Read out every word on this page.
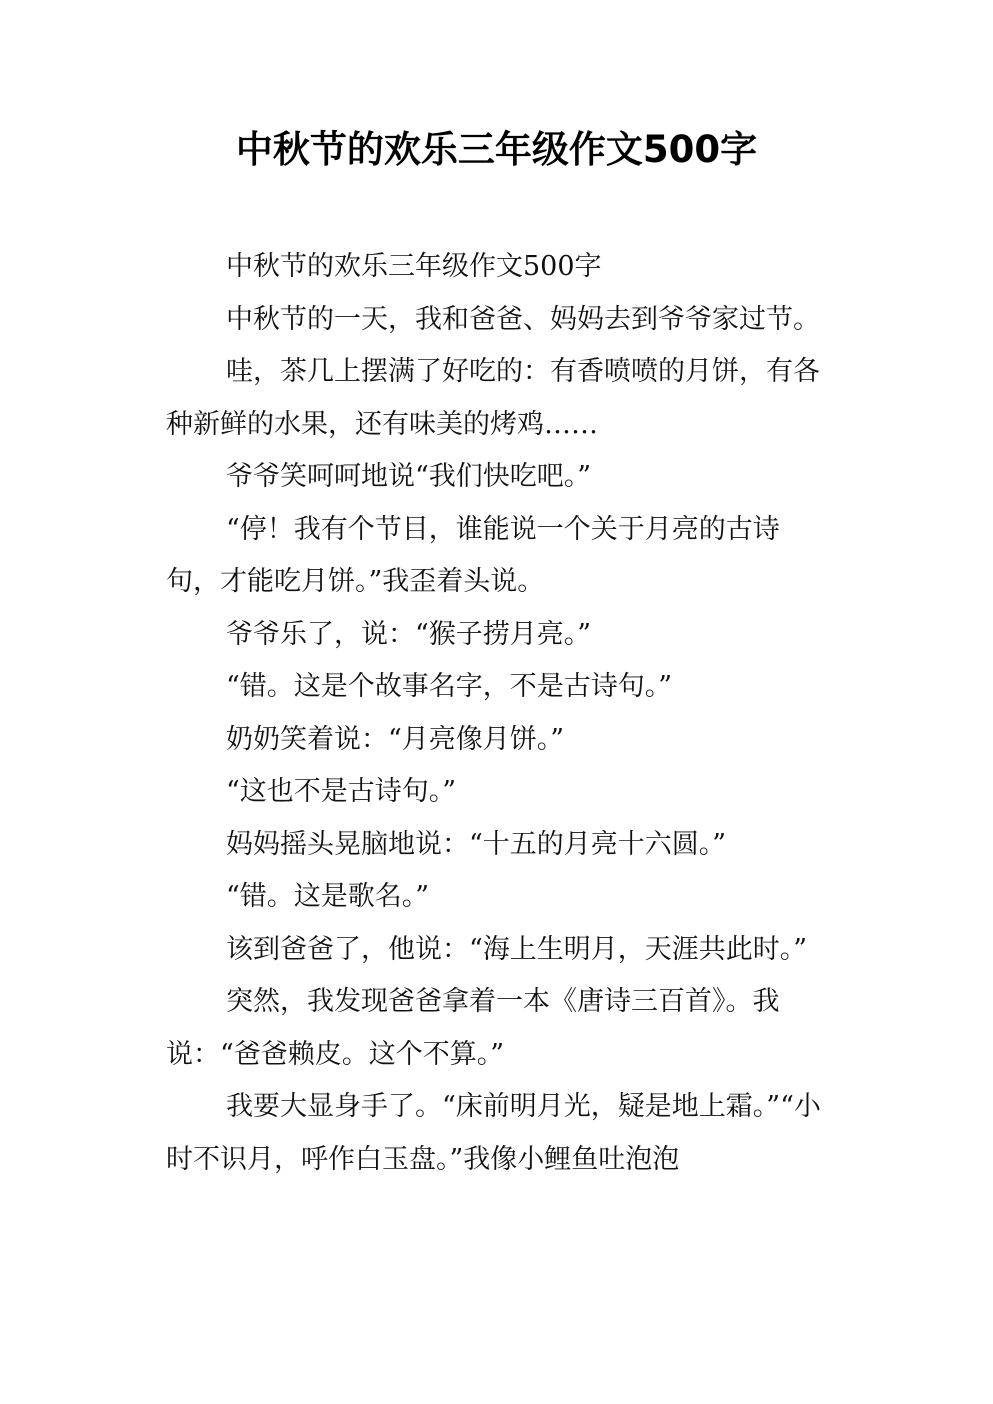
中秋节的欢乐三年级作文500字

中秋节的欢乐三年级作文500字

中秋节的一天，我和爸爸、妈妈去到爷爷家过节。

哇，茶几上摆满了好吃的：有香喷喷的月饼，有各种新鲜的水果，还有味美的烤鸡……

爷爷笑呵呵地说“我们快吃吧。”

“停！我有个节目，谁能说一个关于月亮的古诗句，才能吃月饼。”我歪着头说。

爷爷乐了，说：“猴子捞月亮。”

“错。这是个故事名字，不是古诗句。”

奶奶笑着说：“月亮像月饼。”

“这也不是古诗句。”

妈妈摇头晃脑地说：“十五的月亮十六圆。”

“错。这是歌名。”

该到爸爸了，他说：“海上生明月，天涯共此时。”

突然，我发现爸爸拿着一本《唐诗三百首》。我说：“爸爸赖皮。这个不算。”

我要大显身手了。“床前明月光，疑是地上霜。”“小时不识月，呼作白玉盘。”我像小鲤鱼吐泡泡
